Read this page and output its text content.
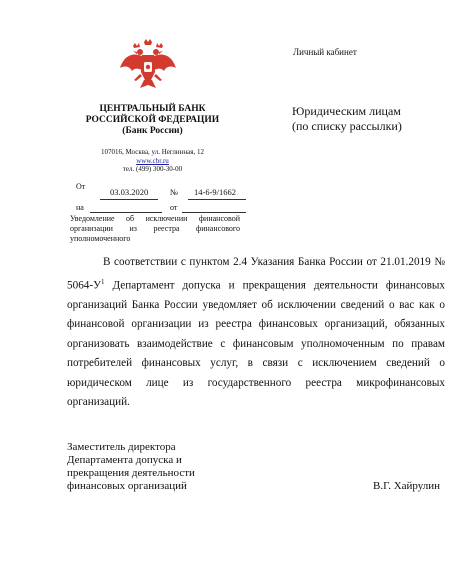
Личный кабинет
ЦЕНТРАЛЬНЫЙ БАНК
РОССИЙСКОЙ ФЕДЕРАЦИИ
(Банк России)
107016, Москва, ул. Неглинная, 12
www.cbr.ru
тел. (499) 300-30-00
Юридическим лицам
(по списку рассылки)
От
03.03.2020	№ 14-6-9/1662
на	от
Уведомление об исключении финансовой организации из реестра финансового уполномоченного
В соответствии с пунктом 2.4 Указания Банка России от 21.01.2019 № $5064-У^1$ Департамент допуска и прекращения деятельности финансовых организаций Банка России уведомляет об исключении сведений о вас как о финансовой организации из реестра финансовых организаций, обязанных организовать взаимодействие с финансовым уполномоченным по правам потребителей финансовых услуг, в связи с исключением сведений о юридическом лице из государственного реестра микрофинансовых организаций.
Заместитель директора
Департамента допуска и
прекращения деятельности
финансовых организаций	В.Г. Хайрулин
